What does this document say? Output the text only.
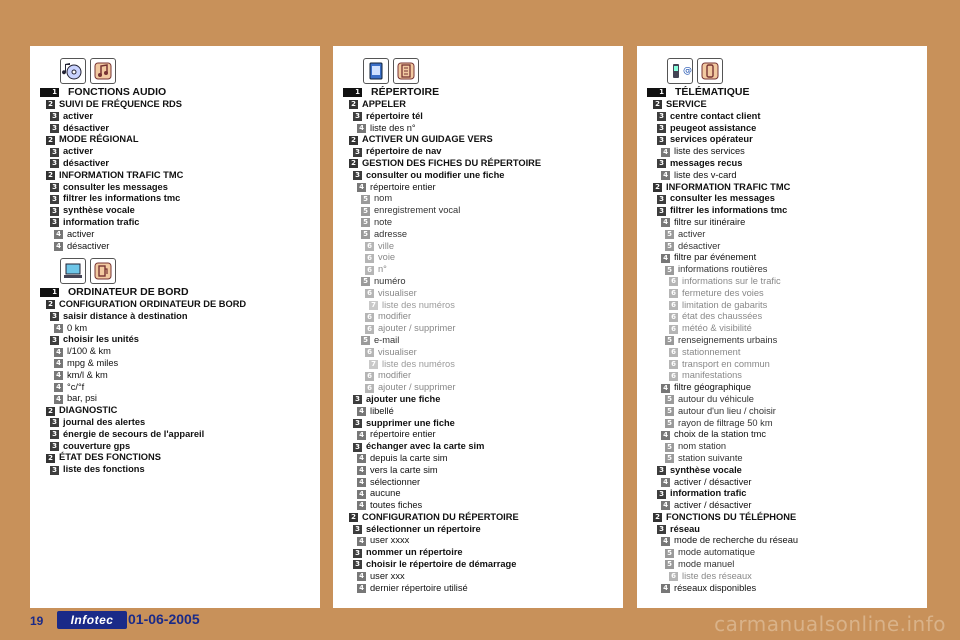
1 FONCTIONS AUDIO
2 SUIVI DE FRÉQUENCE RDS
3 activer
3 désactiver
2 MODE RÉGIONAL
3 activer
3 désactiver
2 INFORMATION TRAFIC TMC
3 consulter les messages
3 filtrer les informations tmc
3 synthèse vocale
3 information trafic
4 activer
4 désactiver
1 ORDINATEUR DE BORD
2 CONFIGURATION ORDINATEUR DE BORD
3 saisir distance à destination
4 0 km
3 choisir les unités
4 l/100 & km
4 mpg & miles
4 km/l & km
4 °c/°f
4 bar, psi
2 DIAGNOSTIC
3 journal des alertes
3 énergie de secours de l'appareil
3 couverture gps
2 ÉTAT DES FONCTIONS
3 liste des fonctions
1 RÉPERTOIRE
2 APPELER
3 répertoire tél
4 liste des n°
2 ACTIVER UN GUIDAGE VERS
3 répertoire de nav
2 GESTION DES FICHES DU RÉPERTOIRE
3 consulter ou modifier une fiche
4 répertoire entier
5 nom
5 enregistrement vocal
5 note
5 adresse
6 ville
6 voie
6 n°
5 numéro
6 visualiser
7 liste des numéros
6 modifier
6 ajouter / supprimer
5 e-mail
6 visualiser
7 liste des numéros
6 modifier
6 ajouter / supprimer
3 ajouter une fiche
4 libellé
3 supprimer une fiche
4 répertoire entier
3 échanger avec la carte sim
4 depuis la carte sim
4 vers la carte sim
4 sélectionner
4 aucune
4 toutes fiches
2 CONFIGURATION DU RÉPERTOIRE
3 sélectionner un répertoire
4 user xxxx
3 nommer un répertoire
3 choisir le répertoire de démarrage
4 user xxx
4 dernier répertoire utilisé
@
1 TÉLÉMATIQUE
2 SERVICE
3 centre contact client
3 peugeot assistance
3 services opérateur
4 liste des services
3 messages recus
4 liste des v-card
2 INFORMATION TRAFIC TMC
3 consulter les messages
3 filtrer les informations tmc
4 filtre sur itinéraire
5 activer
5 désactiver
4 filtre par événement
5 informations routières
6 informations sur le trafic
6 fermeture des voies
6 limitation de gabarits
6 état des chaussées
6 météo & visibilité
5 renseignements urbains
6 stationnement
6 transport en commun
6 manifestations
4 filtre géographique
5 autour du véhicule
5 autour d'un lieu / choisir
5 rayon de filtrage 50 km
4 choix de la station tmc
5 nom station
5 station suivante
3 synthèse vocale
4 activer / désactiver
3 information trafic
4 activer / désactiver
2 FONCTIONS DU TÉLÉPHONE
3 réseau
4 mode de recherche du réseau
5 mode automatique
5 mode manuel
6 liste des réseaux
4 réseaux disponibles
19	Infotec	01-06-2005	carmanualsonline.info
